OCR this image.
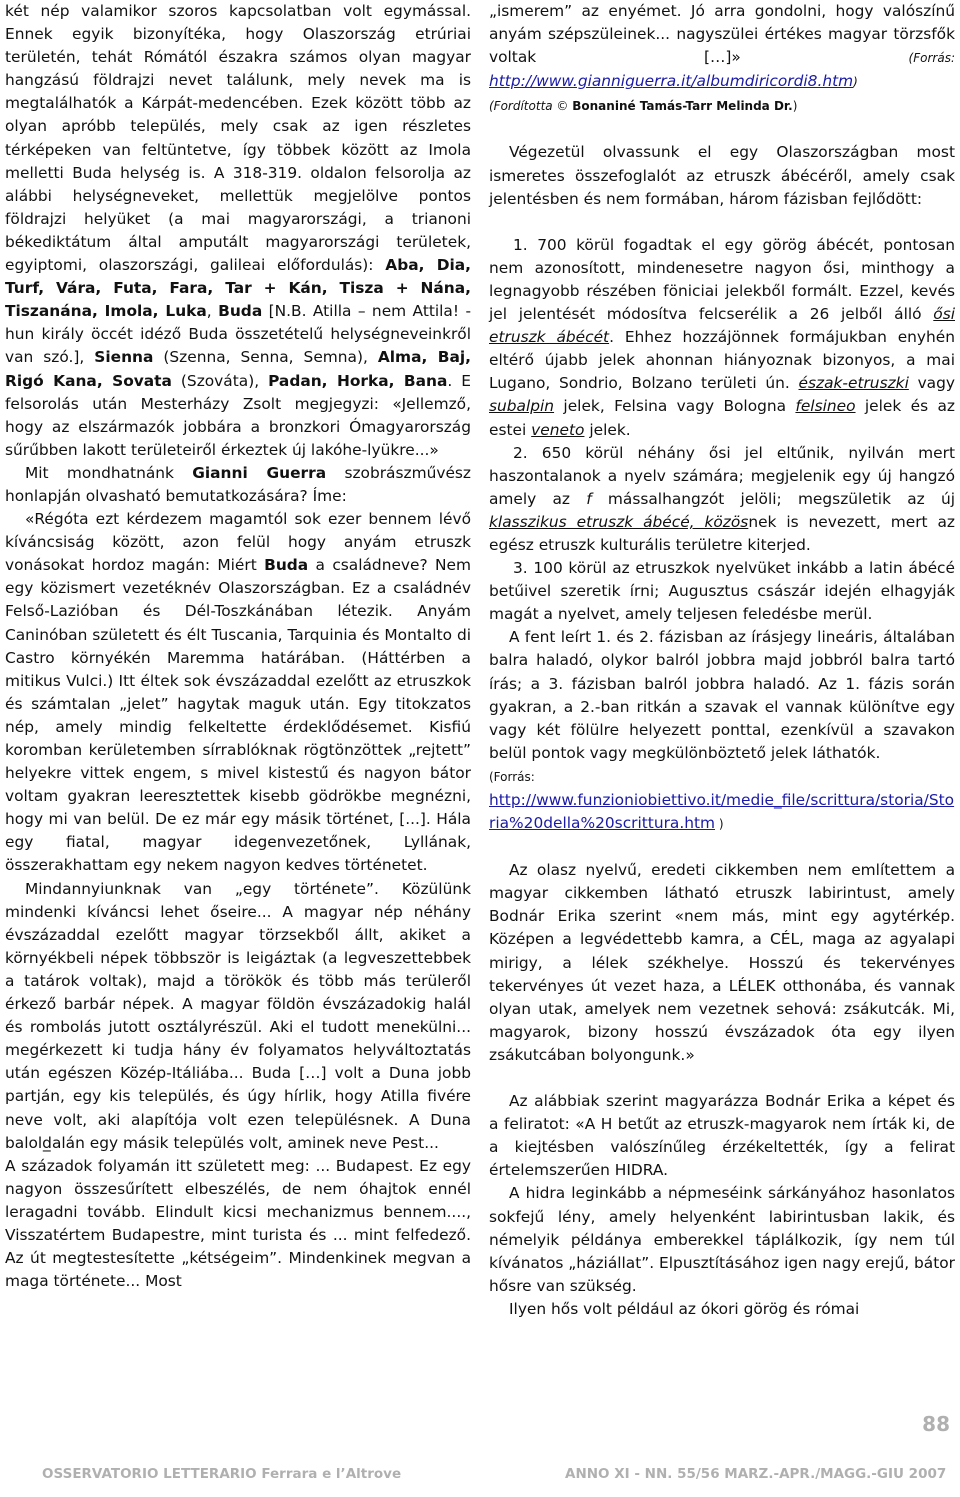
két nép valamikor szoros kapcsolatban volt egymással. Ennek egyik bizonyítéka, hogy Olaszország etrúriai területén, tehát Rómától északra számos olyan magyar hangzású földrajzi nevet találunk, mely nevek ma is megtalálhatók a Kárpát-medencében. Ezek között több az olyan apróbb település, mely csak az igen részletes térképeken van feltüntetve, így többek között az Imola melletti Buda helység is. A 318-319. oldalon felsorolja az alábbi helységneveket, mellettük megjelölve pontos földrajzi helyüket (a mai magyarországi, a trianoni békediktátum által amputált magyarországi területek, egyiptomi, olaszországi, galileai előfordulás): Aba, Dia, Turf, Vára, Futa, Fara, Tar + Kán, Tisza + Nána, Tiszanána, Imola, Luka, Buda [N.B. Atilla – nem Attila! - hun király öccét idéző Buda összetételű helységneveinkről van szó.], Sienna (Szenna, Senna, Semna), Alma, Baj, Rigó Kana, Sovata (Szováta), Padan, Horka, Bana. E felsorolás után Mesterházy Zsolt megjegyzi: «Jellemző, hogy az elszármazók jobbára a bronzkori Ómagyarország sűrűbben lakott területeiről érkeztek új lakóhe-lyükre...»

Mit mondhatnánk Gianni Guerra szobrászművész honlapján olvasható bemutatkozására? Íme:

«Régóta ezt kérdezem magamtól sok ezer bennem lévő kíváncsiság között, azon felül hogy anyám etruszk vonásokat hordoz magán: Miért Buda a családneve? Nem egy közismert vezetéknév Olaszországban. Ez a családnév Felső-Lazióban és Dél-Toszkánában létezik. Anyám Caninóban született és élt Tuscania, Tarquinia és Montalto di Castro környékén Maremma határában. (Háttérben a mitikus Vulci.) Itt éltek sok évszázaddal ezelőtt az etruszkok és számtalan „jelet” hagytak maguk után. Egy titokzatos nép, amely mindig felkeltette érdeklődésemet. Kisfiú koromban kerületemben sírrablóknak rögtönzöttek „rejtett” helyekre vittek engem, s mivel kistestű és nagyon bátor voltam gyakran leeresztettek kisebb gödrökbe megnézni, hogy mi van belül. De ez már egy másik történet, [...]. Hála egy fiatal, magyar idegenvezetőnek, Lyllának, összerakhattam egy nekem nagyon kedves történetet.

Mindannyiunknak van „egy története”. Közülünk mindenki kíváncsi lehet őseire... A magyar nép néhány évszázaddal ezelőtt magyar törzsekből állt, akiket a környékbeli népek többször is leigáztak (a legveszettebbek a tatárok voltak), majd a törökök és több más terüleről érkező barbár népek. A magyar földön évszázadokig halál és rombolás jutott osztályrészül. Aki el tudott menekülni... megérkezett ki tudja hány év folyamatos helyváltoztatás után egészen Közép-Itáliába... Buda […] volt a Duna jobb partján, egy kis település, és úgy hírlik, hogy Atilla fivére neve volt, aki alapítója volt ezen településnek. A Duna balold̲alán egy másik település volt, aminek neve Pest...

A századok folyamán itt született meg: ... Budapest. Ez egy nagyon összesűrített elbeszélés, de nem óhajtok ennél leragadni tovább. Elindult kicsi mechanizmus bennem...., Visszatértem Budapestre, mint turista és ... mint felfedező. Az út megtestesítette „kétségeim”. Mindenkinek megvan a maga története... Most

„ismerem” az enyémet. Jó arra gondolni, hogy valószínű anyám szépszüleinek... nagyszülei értékes magyar törzsfők voltak […]» (Forrás: http://www.gianniguerra.it/albumdiricordi8.htm)

(Fordította © Bonaniné Tamás-Tarr Melinda Dr.)

Végezetül olvassunk el egy Olaszországban most ismeretes összefoglalót az etruszk ábécéről, amely csak jelentésben és nem formában, három fázisban fejlődött:

1. 700 körül fogadtak el egy görög ábécét, pontosan nem azonosított, mindenesetre nagyon ősi, minthogy a legnagyobb részében föniciai jelekből formált. Ezzel, kevés jel jelentését módosítva felcserélik a 26 jelből álló ősi etruszk ábécét. Ehhez hozzájönnek formájukban enyhén eltérő újabb jelek ahonnan hiányoznak bizonyos, a mai Lugano, Sondrio, Bolzano területi ún. észak-etruszki vagy subalpin jelek, Felsina vagy Bologna felsineo jelek és az estei veneto jelek.

2. 650 körül néhány ősi jel eltűnik, nyilván mert haszontalanok a nyelv számára; megjelenik egy új hangzó amely az f mássalhangzót jelöli; megszületik az új klasszikus etruszk ábécé, közösnek is nevezett, mert az egész etruszk kulturális területre kiterjed.

3. 100 körül az etruszkok nyelvüket inkább a latin ábécé betűivel szeretik írni; Augusztus császár idején elhagyják magát a nyelvet, amely teljesen feledésbe merül.

A fent leírt 1. és 2. fázisban az írásjegy lineáris, általában balra haladó, olykor balról jobbra majd jobbról balra tartó írás; a 3. fázisban balról jobbra haladó. Az 1. fázis során gyakran, a 2.-ban ritkán a szavak el vannak különítve egy vagy két fölülre helyezett ponttal, ezenkívül a szavakon belül pontok vagy megkülönböztető jelek láthatók.

(Forrás:
http://www.funzioniobiettivo.it/medie_file/scrittura/storia/Storia%20della%20scrittura.htm )

Az olasz nyelvű, eredeti cikkemben nem említettem a magyar cikkemben látható etruszk labirintust, amely Bodnár Erika szerint «nem más, mint egy agytérkép. Középen a legvédettebb kamra, a CÉL, maga az agyalapi mirigy, a lélek székhelye. Hosszú és tekervényes tekervényes út vezet haza, a LÉLEK otthonába, és vannak olyan utak, amelyek nem vezetnek sehová: zsákutcák. Mi, magyarok, bizony hosszú évszázadok óta egy ilyen zsákutcában bolyongunk.»

Az alábbiak szerint magyarázza Bodnár Erika a képet és a feliratot: «A H betűt az etruszk-magyarok nem írták ki, de a kiejtésben valószínűleg érzékeltették, így a felirat értelemszerűen HIDRA.

A hidra leginkább a népmeséink sárkányához hasonlatos sokfejű lény, amely helyenként labirintusban lakik, és némelyik példánya emberekkel táplálkozik, így nem túl kívánatos „háziállat”. Elpusztításához igen nagy erejű, bátor hősre van szükség.

Ilyen hős volt például az ókori görög és római

88
OSSERVATORIO LETTERARIO Ferrara e l’Altrove	ANNO XI - NN. 55/56 MARZ.-APR./MAGG.-GIU 2007
